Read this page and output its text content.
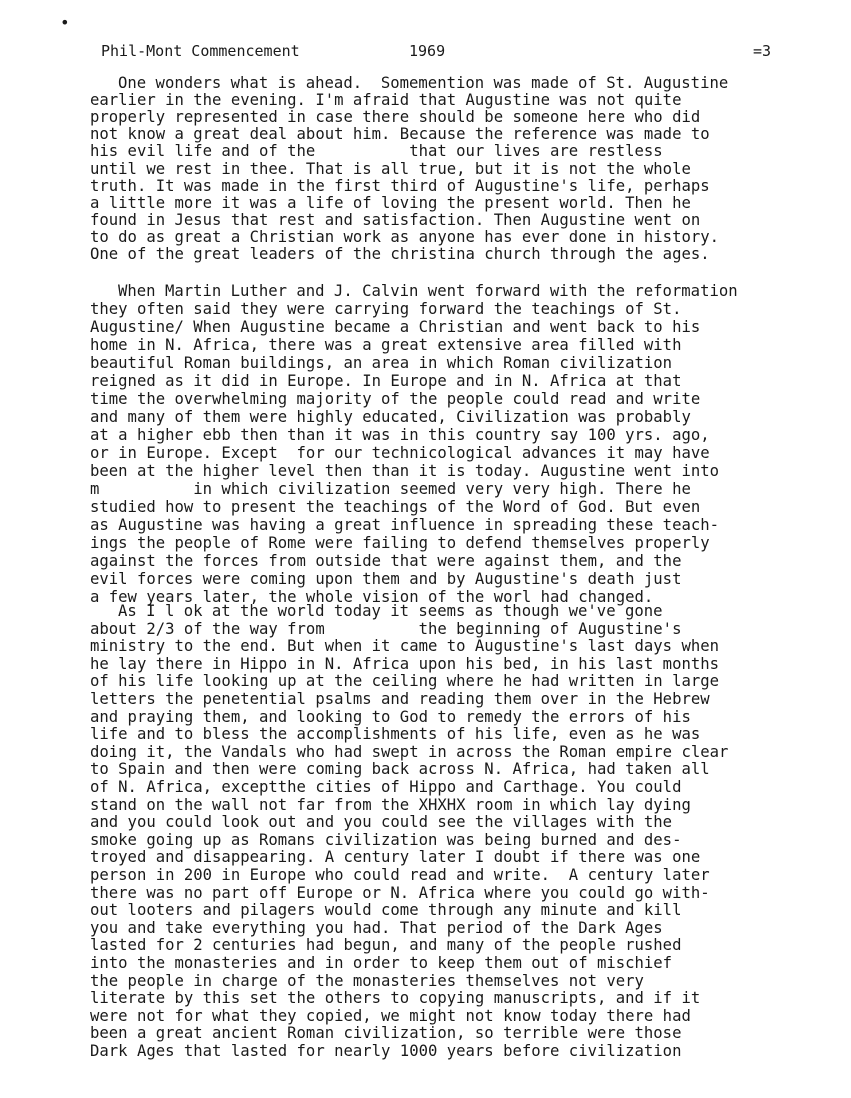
•
Phil-Mont Commencement	1969	=3
One wonders what is ahead.  Somemention was made of St. Augustine
earlier in the evening. I'm afraid that Augustine was not quite
properly represented in case there should be someone here who did
not know a great deal about him. Because the reference was made to
his evil life and of the          that our lives are restless
until we rest in thee. That is all true, but it is not the whole
truth. It was made in the first third of Augustine's life, perhaps
a little more it was a life of loving the present world. Then he
found in Jesus that rest and satisfaction. Then Augustine went on
to do as great a Christian work as anyone has ever done in history.
One of the great leaders of the christina church through the ages.
When Martin Luther and J. Calvin went forward with the reformation
they often said they were carrying forward the teachings of St.
Augustine/ When Augustine became a Christian and went back to his
home in N. Africa, there was a great extensive area filled with
beautiful Roman buildings, an area in which Roman civilization
reigned as it did in Europe. In Europe and in N. Africa at that
time the overwhelming majority of the people could read and write
and many of them were highly educated, Civilization was probably
at a higher ebb then than it was in this country say 100 yrs. ago,
or in Europe. Except  for our technicological advances it may have
been at the higher level then than it is today. Augustine went into
m          in which civilization seemed very very high. There he
studied how to present the teachings of the Word of God. But even
as Augustine was having a great influence in spreading these teach-
ings the people of Rome were failing to defend themselves properly
against the forces from outside that were against them, and the
evil forces were coming upon them and by Augustine's death just
a few years later, the whole vision of the worl had changed.
As I l ok at the world today it seems as though we've gone
about 2/3 of the way from          the beginning of Augustine's
ministry to the end. But when it came to Augustine's last days when
he lay there in Hippo in N. Africa upon his bed, in his last months
of his life looking up at the ceiling where he had written in large
letters the penetential psalms and reading them over in the Hebrew
and praying them, and looking to God to remedy the errors of his
life and to bless the accomplishments of his life, even as he was
doing it, the Vandals who had swept in across the Roman empire clear
to Spain and then were coming back across N. Africa, had taken all
of N. Africa, exceptthe cities of Hippo and Carthage. You could
stand on the wall not far from the XHXHX room in which lay dying
and you could look out and you could see the villages with the
smoke going up as Romans civilization was being burned and des-
troyed and disappearing. A century later I doubt if there was one
person in 200 in Europe who could read and write.  A century later
there was no part off Europe or N. Africa where you could go with-
out looters and pilagers would come through any minute and kill
you and take everything you had. That period of the Dark Ages
lasted for 2 centuries had begun, and many of the people rushed
into the monasteries and in order to keep them out of mischief
the people in charge of the monasteries themselves not very
literate by this set the others to copying manuscripts, and if it
were not for what they copied, we might not know today there had
been a great ancient Roman civilization, so terrible were those
Dark Ages that lasted for nearly 1000 years before civilization
